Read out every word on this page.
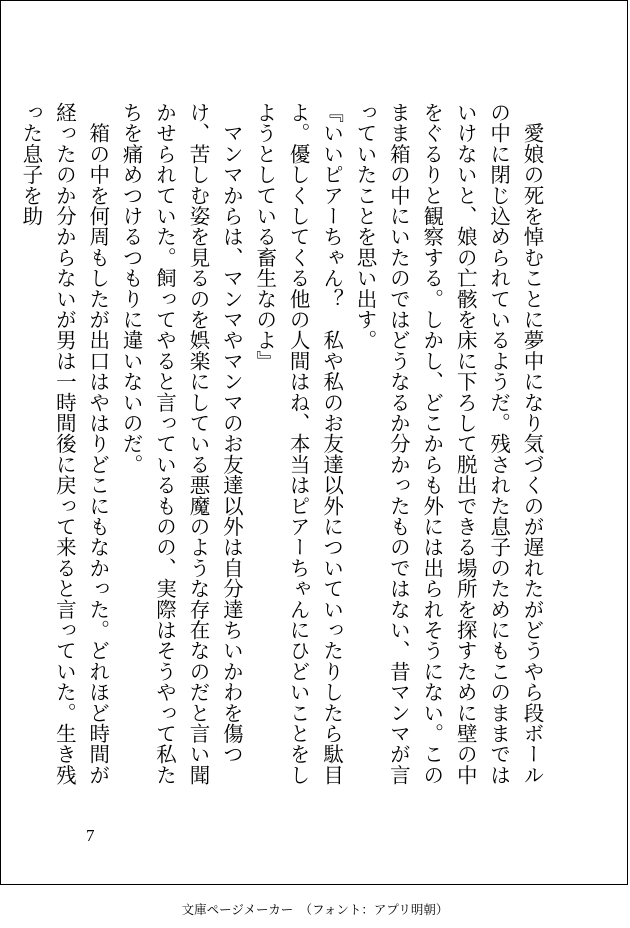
　愛娘の死を悼むことに夢中になり気づくのが遅れたがどうやら段ボールの中に閉じ込められているようだ。残された息子のためにもこのままではいけないと、娘の亡骸を床に下ろして脱出できる場所を探すために壁の中をぐるりと観察する。しかし、どこからも外には出られそうにない。このまま箱の中にいたのではどうなるか分かったものではない、昔マンマが言っていたことを思い出す。

『いいピアーちゃん？　私や私のお友達以外についていったりしたら駄目よ。優しくしてくる他の人間はね、本当はピアーちゃんにひどいことをしようとしている畜生なのよ』

　マンマからは、マンマやマンマのお友達以外は自分達ちいかわを傷つけ、苦しむ姿を見るのを娯楽にしている悪魔のような存在なのだと言い聞かせられていた。飼ってやると言っているものの、実際はそうやって私たちを痛めつけるつもりに違いないのだ。

　箱の中を何周もしたが出口はやはりどこにもなかった。どれほど時間が経ったのか分からないが男は一時間後に戻って来ると言っていた。生き残った息子を助

7
文庫ページメーカー　（フォント：アプリ明朝）
